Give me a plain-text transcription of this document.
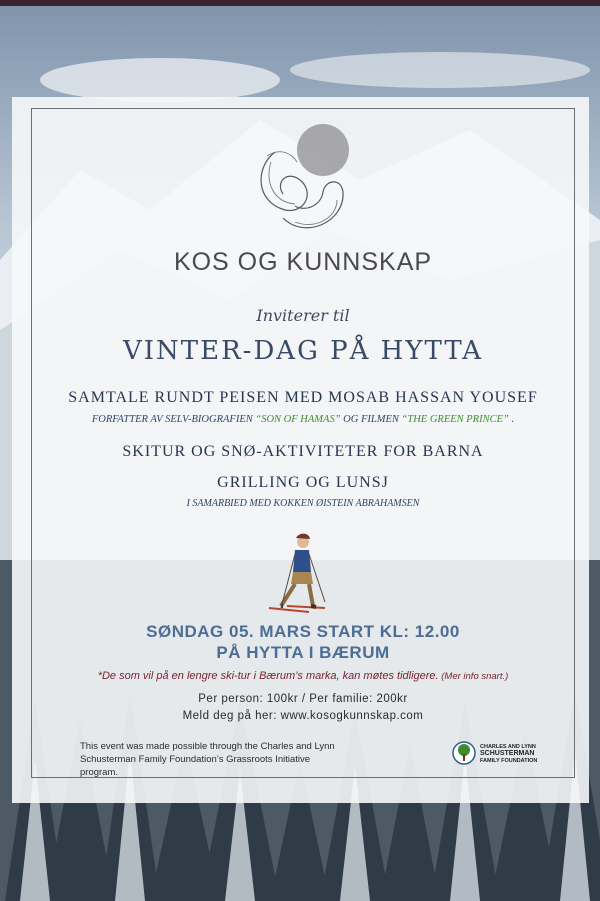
KOS OG KUNNSKAP
Inviterer til
VINTER-DAG PÅ HYTTA
SAMTALE RUNDT PEISEN MED MOSAB HASSAN YOUSEF
FORFATTER AV SELV-BIOGRAFIEN “SON OF HAMAS” OG FILMEN “THE GREEN PRINCE” .
SKITUR OG SNØ-AKTIVITETER FOR BARNA
GRILLING OG LUNSJ
I SAMARBIED MED KOKKEN ØISTEIN ABRAHAMSEN
SØNDAG 05. MARS START KL: 12.00
PÅ HYTTA I BÆRUM
*De som vil på en lengre ski-tur i Bærum’s marka, kan møtes tidligere. (Mer info snart.)
Per person: 100kr / Per familie: 200kr
Meld deg på her: www.kosogkunnskap.com
This event was made possible through the Charles and Lynn Schusterman Family Foundation’s Grassroots Initiative program.
CHARLES AND LYNN
SCHUSTERMAN
FAMILY FOUNDATION
